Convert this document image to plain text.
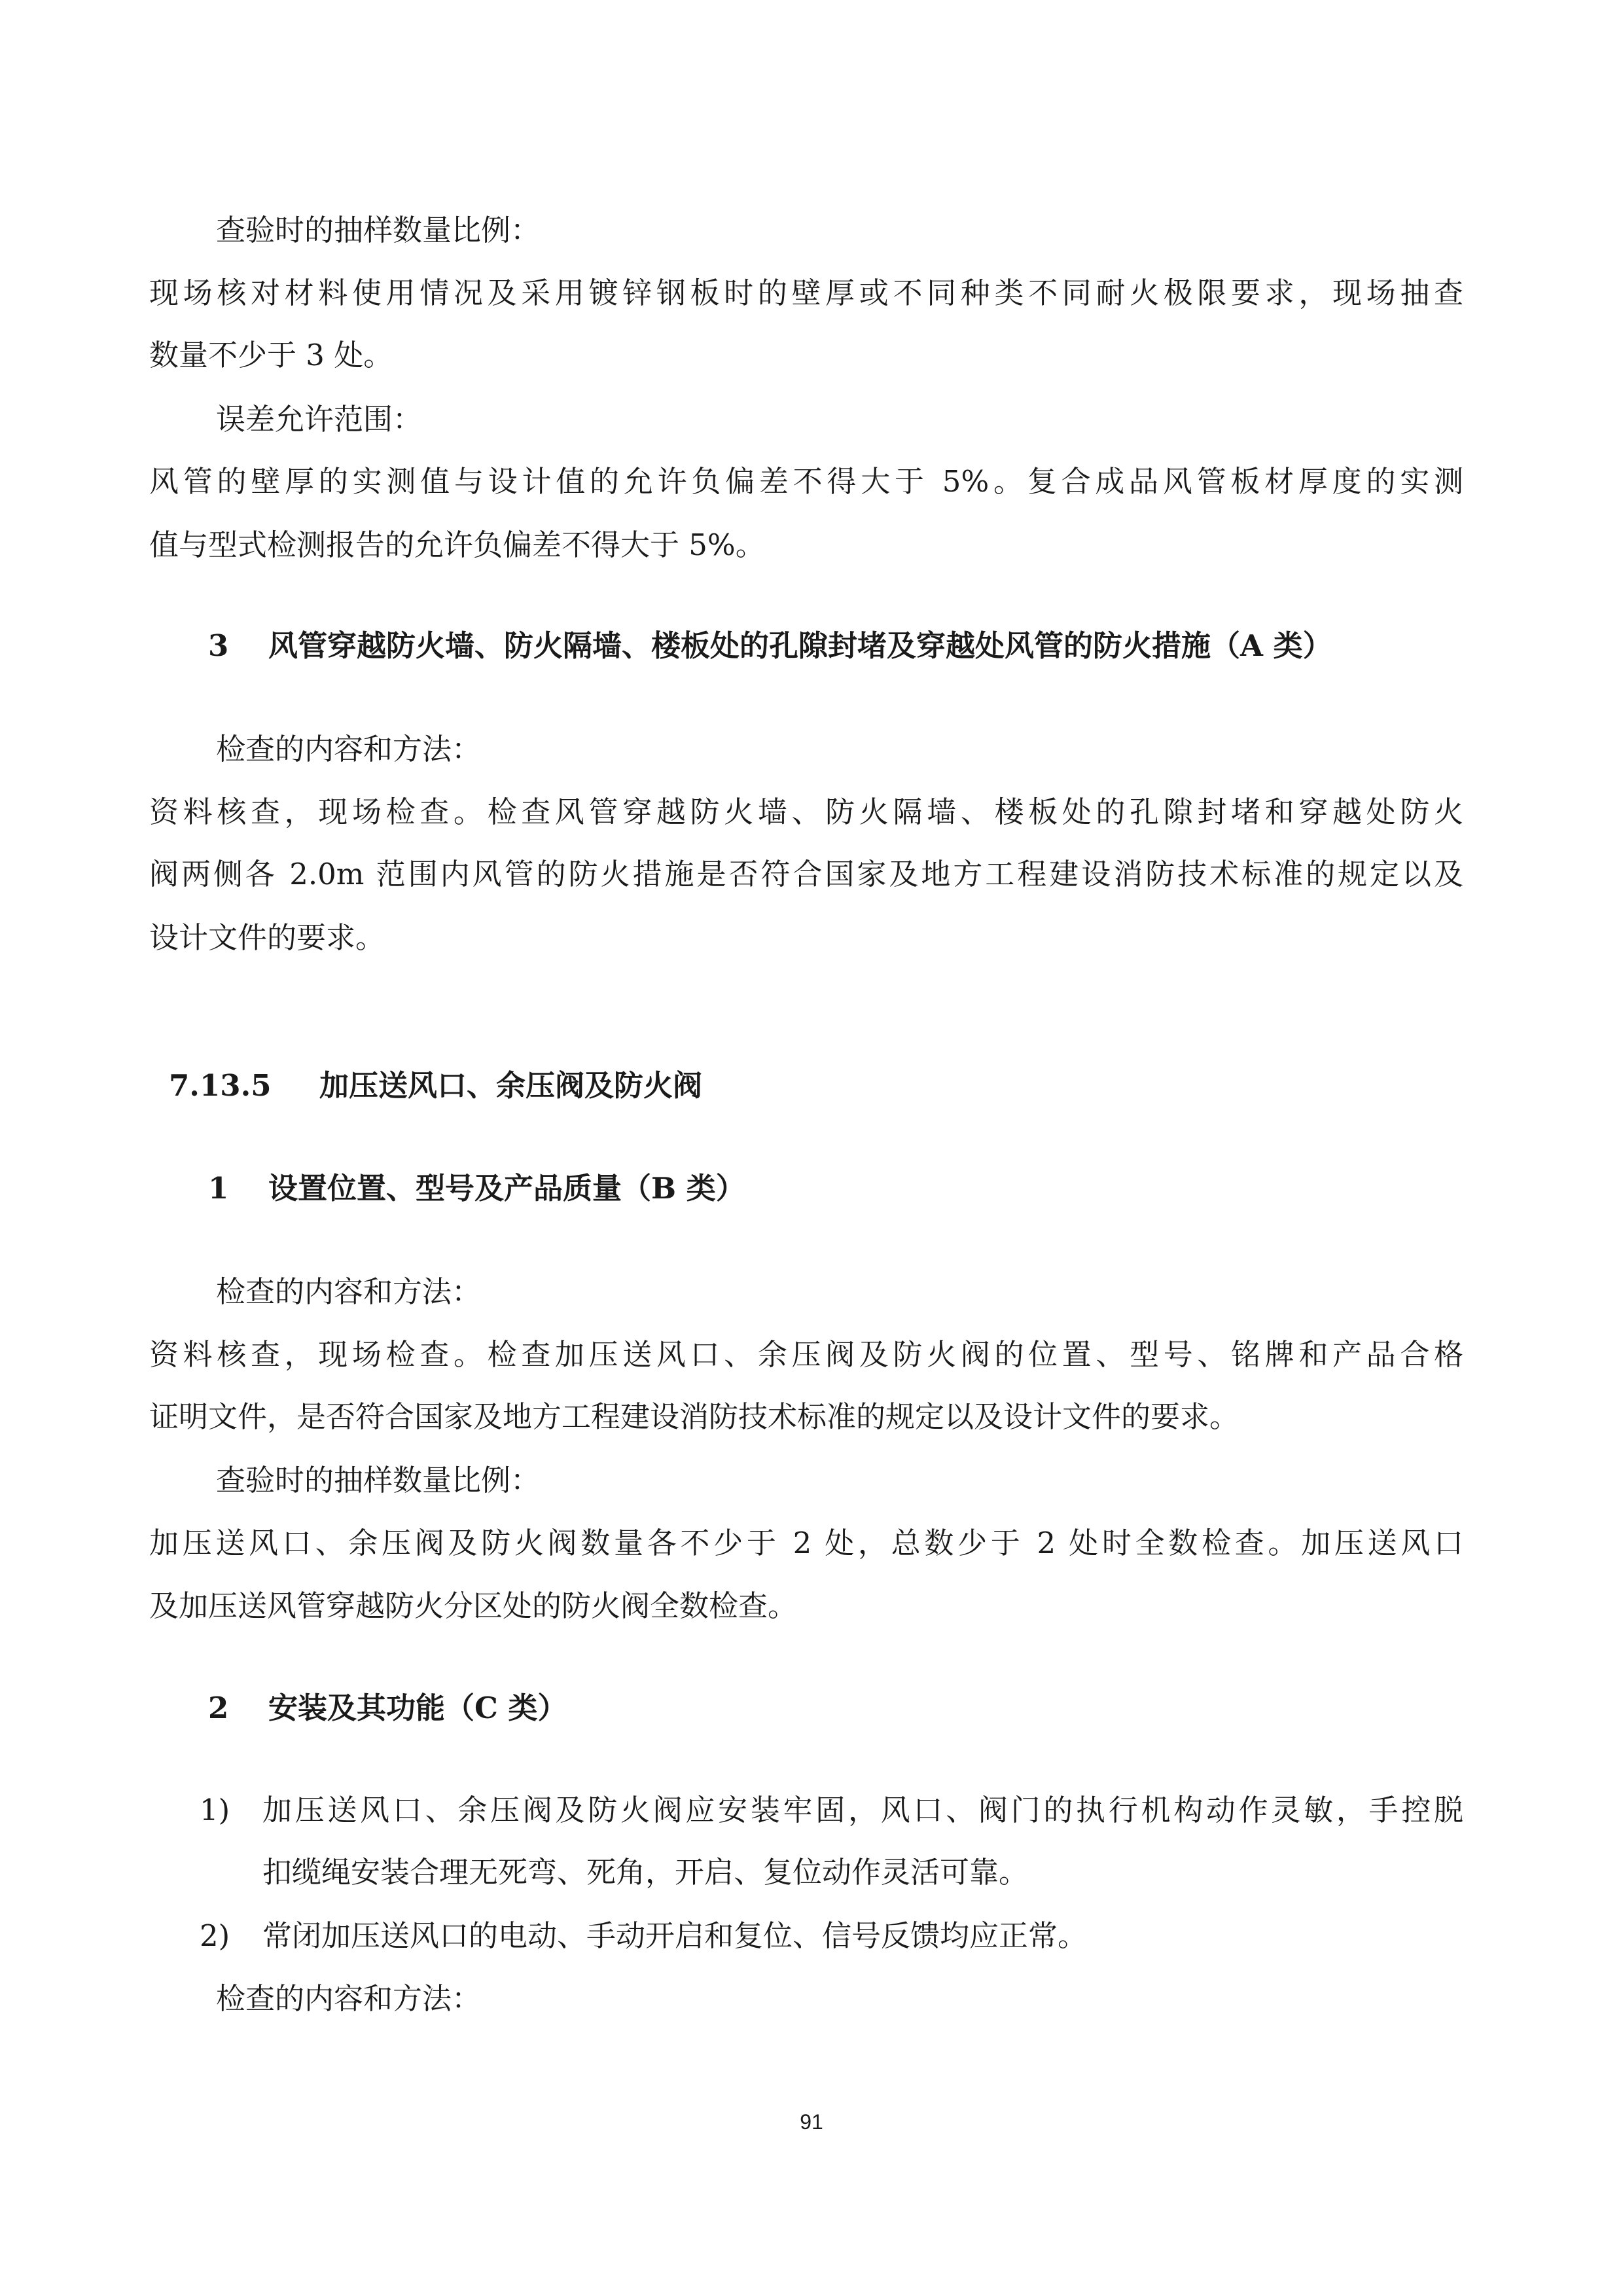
查验时的抽样数量比例：
现场核对材料使用情况及采用镀锌钢板时的壁厚或不同种类不同耐火极限要求，现场抽查
数量不少于 3 处。
误差允许范围：
风管的壁厚的实测值与设计值的允许负偏差不得大于 5%。复合成品风管板材厚度的实测
值与型式检测报告的允许负偏差不得大于 5%。
3 风管穿越防火墙、防火隔墙、楼板处的孔隙封堵及穿越处风管的防火措施（A 类）
检查的内容和方法：
资料核查，现场检查。检查风管穿越防火墙、防火隔墙、楼板处的孔隙封堵和穿越处防火
阀两侧各 2.0m 范围内风管的防火措施是否符合国家及地方工程建设消防技术标准的规定以及
设计文件的要求。
7.13.5 加压送风口、余压阀及防火阀
1 设置位置、型号及产品质量（B 类）
检查的内容和方法：
资料核查，现场检查。检查加压送风口、余压阀及防火阀的位置、型号、铭牌和产品合格
证明文件，是否符合国家及地方工程建设消防技术标准的规定以及设计文件的要求。
查验时的抽样数量比例：
加压送风口、余压阀及防火阀数量各不少于 2 处，总数少于 2 处时全数检查。加压送风口
及加压送风管穿越防火分区处的防火阀全数检查。
2 安装及其功能（C 类）
1) 加压送风口、余压阀及防火阀应安装牢固，风口、阀门的执行机构动作灵敏，手控脱
扣缆绳安装合理无死弯、死角，开启、复位动作灵活可靠。
2) 常闭加压送风口的电动、手动开启和复位、信号反馈均应正常。
检查的内容和方法：
91
